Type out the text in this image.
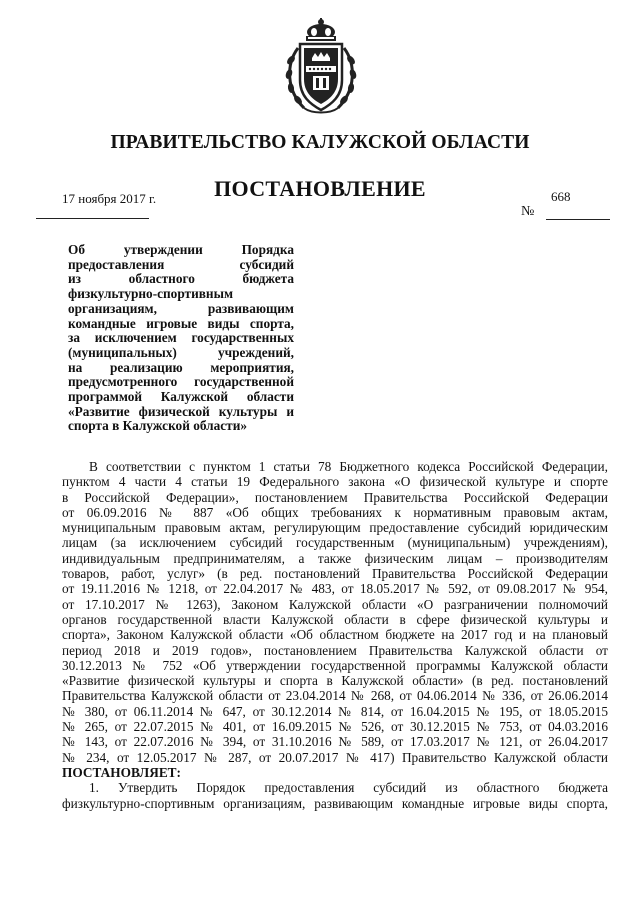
ПРАВИТЕЛЬСТВО КАЛУЖСКОЙ ОБЛАСТИ
ПОСТАНОВЛЕНИЕ
17 ноября 2017 г.	668
№
Об утверждении Порядка
предоставления субсидий
из областного бюджета
физкультурно-спортивным
организациям, развивающим
командные игровые виды спорта,
за исключением государственных
(муниципальных) учреждений,
на реализацию мероприятия,
предусмотренного государственной
программой Калужской области
«Развитие физической культуры и
спорта в Калужской области»
В соответствии с пунктом 1 статьи 78 Бюджетного кодекса Российской Федерации,
пунктом 4 части 4 статьи 19 Федерального закона «О физической культуре и спорте
в Российской Федерации», постановлением Правительства Российской Федерации
от 06.09.2016 № 887 «Об общих требованиях к нормативным правовым актам,
муниципальным правовым актам, регулирующим предоставление субсидий юридическим
лицам (за исключением субсидий государственным (муниципальным) учреждениям),
индивидуальным предпринимателям, а также физическим лицам – производителям
товаров, работ, услуг» (в ред. постановлений Правительства Российской Федерации
от 19.11.2016 № 1218, от 22.04.2017 № 483, от 18.05.2017 № 592, от 09.08.2017 № 954,
от 17.10.2017 № 1263), Законом Калужской области «О разграничении полномочий
органов государственной власти Калужской области в сфере физической культуры и
спорта», Законом Калужской области «Об областном бюджете на 2017 год и на плановый
период 2018 и 2019 годов», постановлением Правительства Калужской области от
30.12.2013 № 752 «Об утверждении государственной программы Калужской области
«Развитие физической культуры и спорта в Калужской области» (в ред. постановлений
Правительства Калужской области от 23.04.2014 № 268, от 04.06.2014 № 336, от 26.06.2014
№ 380, от 06.11.2014 № 647, от 30.12.2014 № 814, от 16.04.2015 № 195, от 18.05.2015
№ 265, от 22.07.2015 № 401, от 16.09.2015 № 526, от 30.12.2015 № 753, от 04.03.2016
№ 143, от 22.07.2016 № 394, от 31.10.2016 № 589, от 17.03.2017 № 121, от 26.04.2017
№ 234, от 12.05.2017 № 287, от 20.07.2017 № 417) Правительство Калужской области
ПОСТАНОВЛЯЕТ:
1. Утвердить Порядок предоставления субсидий из областного бюджета
физкультурно-спортивным организациям, развивающим командные игровые виды спорта,
